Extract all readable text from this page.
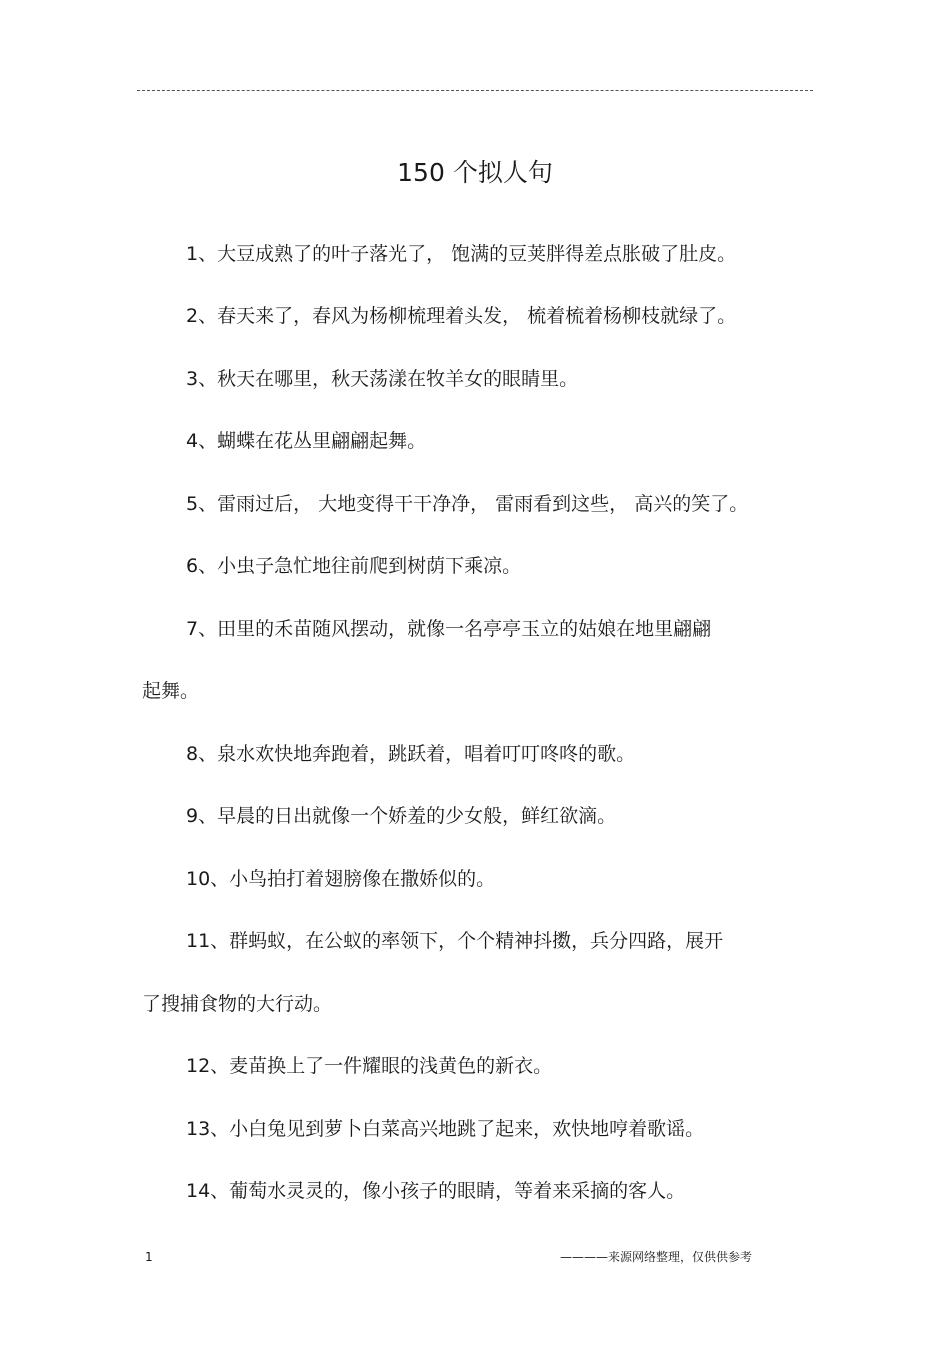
150 个拟人句
1、大豆成熟了的叶子落光了， 饱满的豆荚胖得差点胀破了肚皮。
2、春天来了，春风为杨柳梳理着头发， 梳着梳着杨柳枝就绿了。
3、秋天在哪里，秋天荡漾在牧羊女的眼睛里。
4、蝴蝶在花丛里翩翩起舞。
5、雷雨过后， 大地变得干干净净， 雷雨看到这些， 高兴的笑了。
6、小虫子急忙地往前爬到树荫下乘凉。
7、田里的禾苗随风摆动，就像一名亭亭玉立的姑娘在地里翩翩
起舞。
8、泉水欢快地奔跑着，跳跃着，唱着叮叮咚咚的歌。
9、早晨的日出就像一个娇羞的少女般，鲜红欲滴。
10、小鸟拍打着翅膀像在撒娇似的。
11、群蚂蚁，在公蚁的率领下，个个精神抖擞，兵分四路，展开
了搜捕食物的大行动。
12、麦苗换上了一件耀眼的浅黄色的新衣。
13、小白兔见到萝卜白菜高兴地跳了起来，欢快地哼着歌谣。
14、葡萄水灵灵的，像小孩子的眼睛，等着来采摘的客人。
1	————来源网络整理，仅供供参考
